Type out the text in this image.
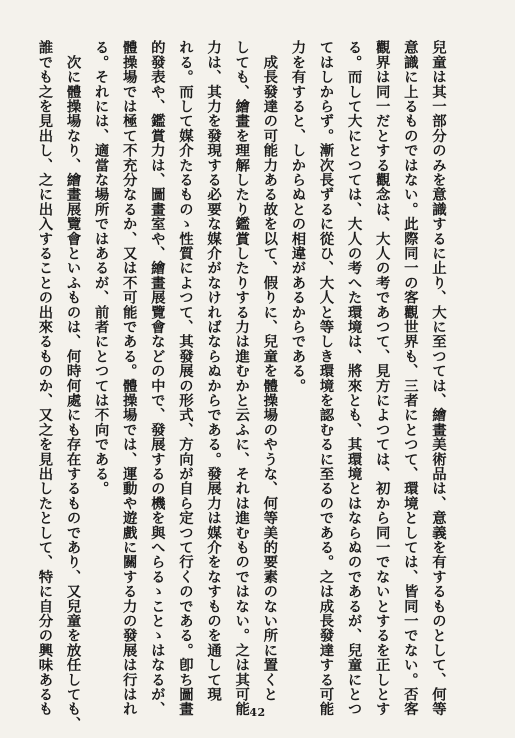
兒童は其一部分のみを意識するに止り、大に至つては、繪畫美術品は、意義を有するものとして、何等
意識に上るものではない。此際同一の客觀世界も、三者にとつて、環境としては、皆同一でない。否客
觀界は同一だとする觀念は、大人の考であつて、見方によつては、初から同一でないとするを正しとす
る。而して大にとつては、大人の考へた環境は、將來とも、其環境とはならぬのであるが、兒童にとつ
てはしからず。漸次長ずるに從ひ、大人と等しき環境を認むるに至るのである。之は成長發達する可能
力を有すると、しからぬとの相違があるからである。
　成長發達の可能力ある故を以て、假りに、兒童を體操場のやうな、何等美的要素のない所に置くと
しても、繪畫を理解したり鑑賞したりする力は進むかと云ふに、それは進むものではない。之は其可能
力は、其力を發現する必要な媒介がなければならぬからである。發展力は媒介をなすものを通して現
れる。而して媒介たるものゝ性質によつて、其發展の形式、方向が自ら定つて行くのである。卽ち圖畫
的發表や、鑑賞力は、圖畫室や、繪畫展覽會などの中で、發展するの機を與へらるゝことゝはなるが、
體操場では極て不充分なるか、又は不可能である。體操場では、運動や遊戲に關する力の發展は行はれ
る。それには、適當な場所ではあるが、前者にとつては不向である。
　次に體操場なり、繪畫展覽會といふものは、何時何處にも存在するものであり、又兒童を放任しても、
誰でも之を見出し、之に出入することの出來るものか、又之を見出したとして、特に自分の興味あるも	42
